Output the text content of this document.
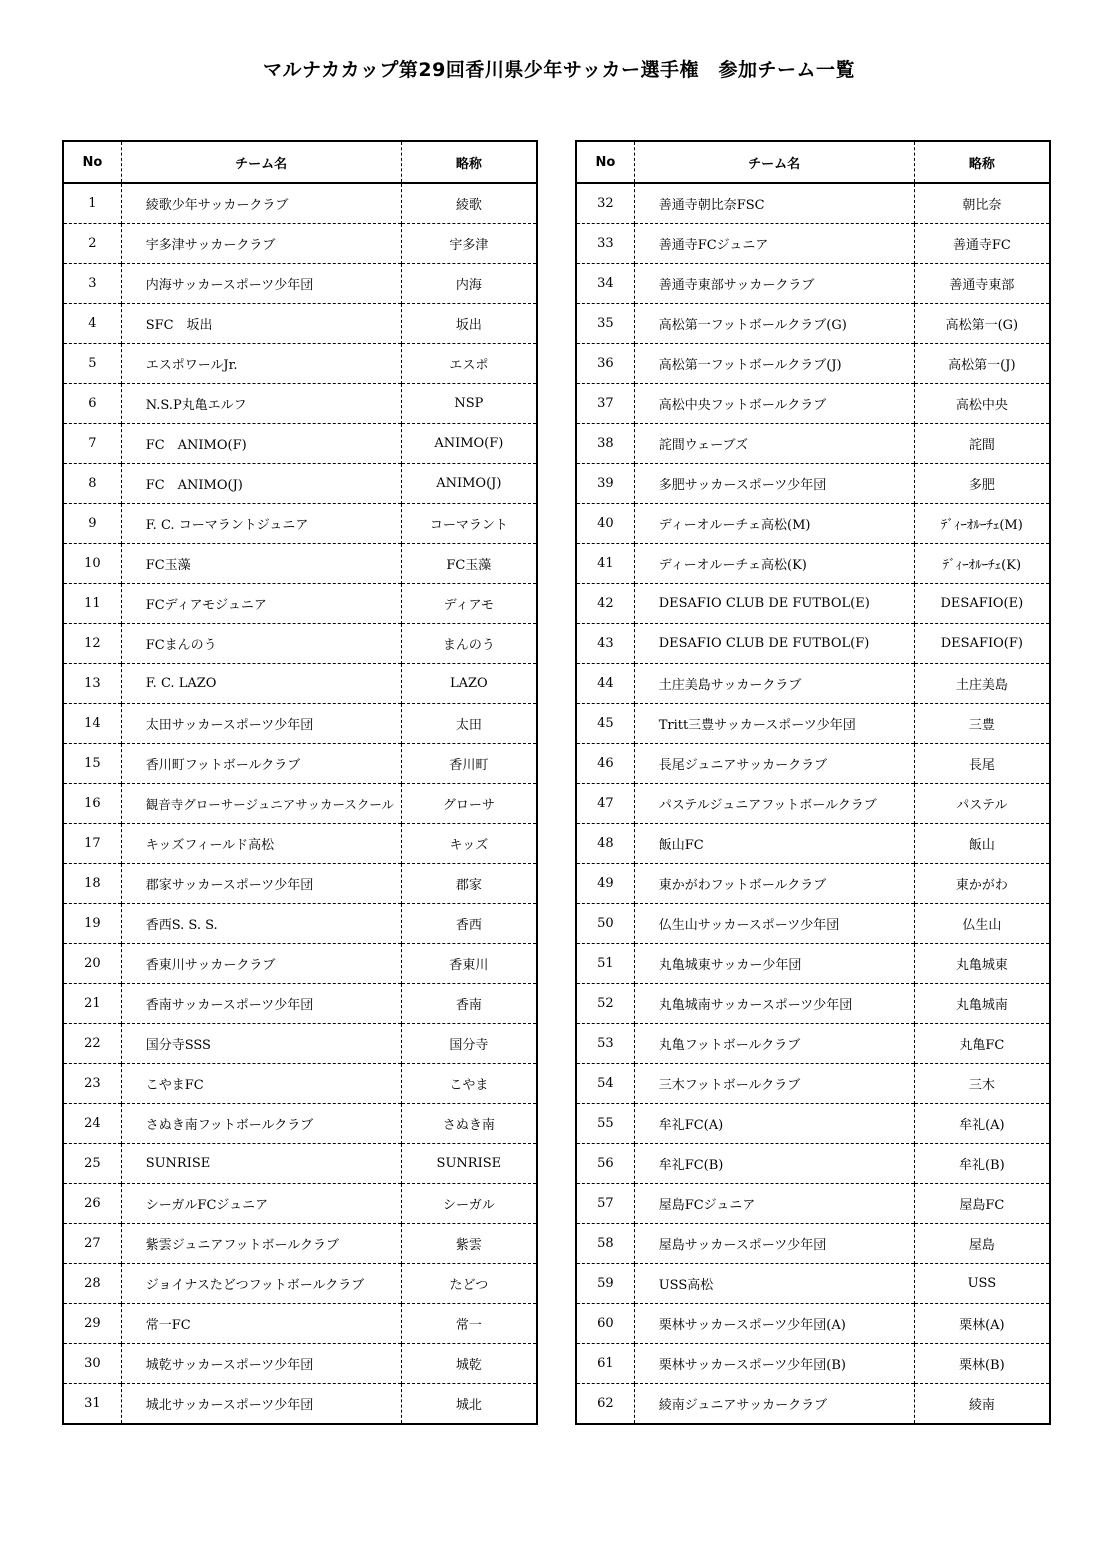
マルナカカップ第29回香川県少年サッカー選手権　参加チーム一覧
No	チーム名	略称
1	綾歌少年サッカークラブ	綾歌
2	宇多津サッカークラブ	宇多津
3	内海サッカースポーツ少年団	内海
4	SFC　坂出	坂出
5	エスポワールJr.	エスポ
6	N.S.P丸亀エルフ	NSP
7	FC　ANIMO(F)	ANIMO(F)
8	FC　ANIMO(J)	ANIMO(J)
9	F. C. コーマラントジュニア	コーマラント
10	FC玉藻	FC玉藻
11	FCディアモジュニア	ディアモ
12	FCまんのう	まんのう
13	F. C. LAZO	LAZO
14	太田サッカースポーツ少年団	太田
15	香川町フットボールクラブ	香川町
16	観音寺グローサージュニアサッカースクール	グローサ
17	キッズフィールド高松	キッズ
18	郡家サッカースポーツ少年団	郡家
19	香西S. S. S.	香西
20	香東川サッカークラブ	香東川
21	香南サッカースポーツ少年団	香南
22	国分寺SSS	国分寺
23	こやまFC	こやま
24	さぬき南フットボールクラブ	さぬき南
25	SUNRISE	SUNRISE
26	シーガルFCジュニア	シーガル
27	紫雲ジュニアフットボールクラブ	紫雲
28	ジョイナスたどつフットボールクラブ	たどつ
29	常一FC	常一
30	城乾サッカースポーツ少年団	城乾
31	城北サッカースポーツ少年団	城北
No	チーム名	略称
32	善通寺朝比奈FSC	朝比奈
33	善通寺FCジュニア	善通寺FC
34	善通寺東部サッカークラブ	善通寺東部
35	高松第一フットボールクラブ(G)	高松第一(G)
36	高松第一フットボールクラブ(J)	高松第一(J)
37	高松中央フットボールクラブ	高松中央
38	詫間ウェーブズ	詫間
39	多肥サッカースポーツ少年団	多肥
40	ディーオルーチェ高松(M)	ﾃﾞｨｰｵﾙｰﾁｪ(M)
41	ディーオルーチェ高松(K)	ﾃﾞｨｰｵﾙｰﾁｪ(K)
42	DESAFIO CLUB DE FUTBOL(E)	DESAFIO(E)
43	DESAFIO CLUB DE FUTBOL(F)	DESAFIO(F)
44	土庄美島サッカークラブ	土庄美島
45	Tritt三豊サッカースポーツ少年団	三豊
46	長尾ジュニアサッカークラブ	長尾
47	パステルジュニアフットボールクラブ	パステル
48	飯山FC	飯山
49	東かがわフットボールクラブ	東かがわ
50	仏生山サッカースポーツ少年団	仏生山
51	丸亀城東サッカー少年団	丸亀城東
52	丸亀城南サッカースポーツ少年団	丸亀城南
53	丸亀フットボールクラブ	丸亀FC
54	三木フットボールクラブ	三木
55	牟礼FC(A)	牟礼(A)
56	牟礼FC(B)	牟礼(B)
57	屋島FCジュニア	屋島FC
58	屋島サッカースポーツ少年団	屋島
59	USS高松	USS
60	栗林サッカースポーツ少年団(A)	栗林(A)
61	栗林サッカースポーツ少年団(B)	栗林(B)
62	綾南ジュニアサッカークラブ	綾南
